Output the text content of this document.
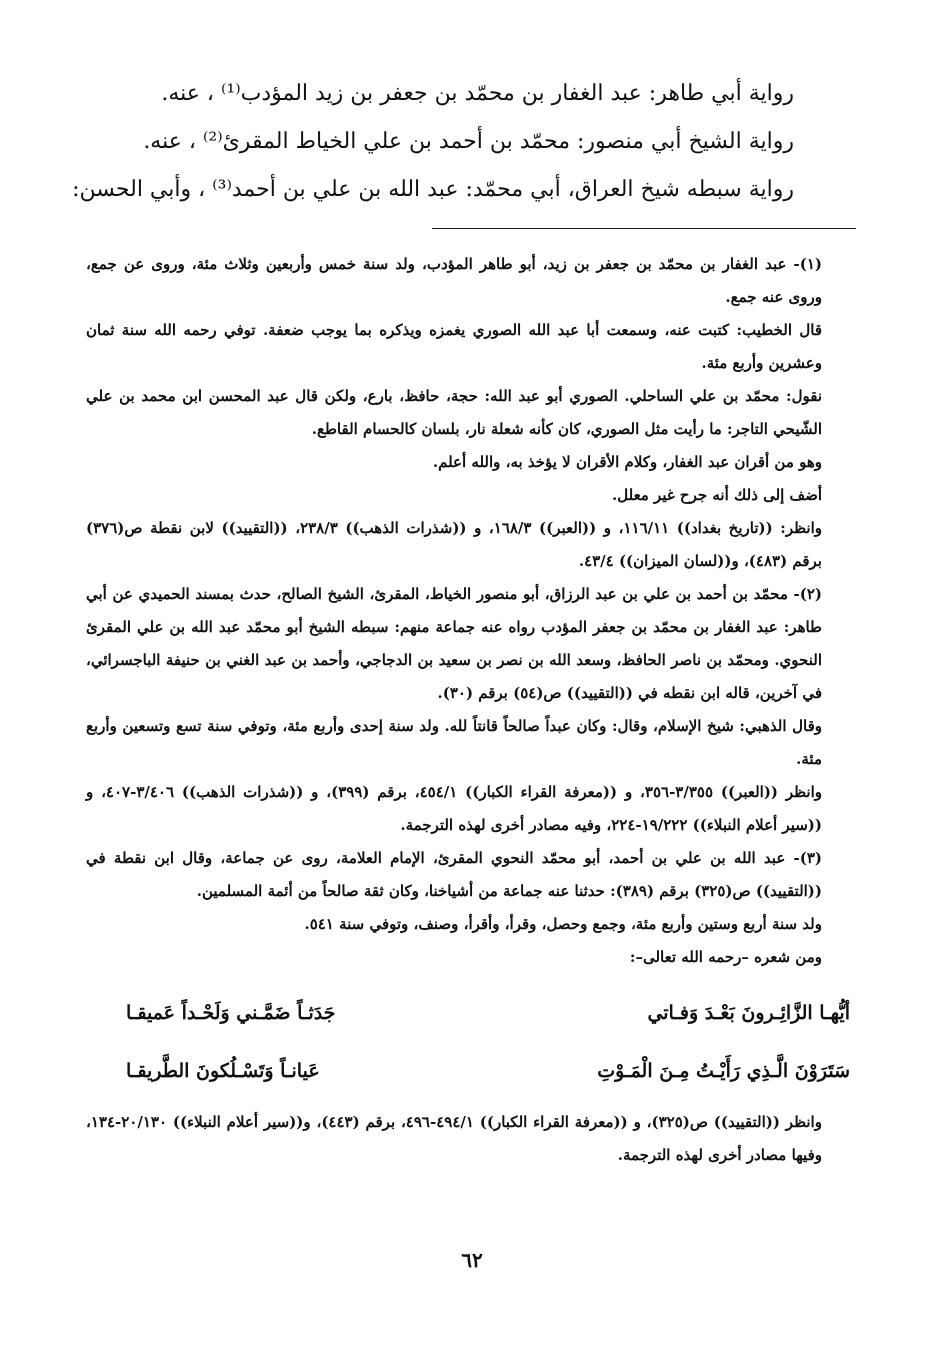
رواية أبي طاهر: عبد الغفار بن محمّد بن جعفر بن زيد المؤدب⁽¹⁾ ، عنه.
رواية الشيخ أبي منصور: محمّد بن أحمد بن علي الخياط المقرئ⁽²⁾ ، عنه.
رواية سبطه شيخ العراق، أبي محمّد: عبد الله بن علي بن أحمد⁽³⁾ ، وأبي الحسن:

(١)- عبد الغفار بن محمّد بن جعفر بن زيد، أبو طاهر المؤدب، ولد سنة خمس وأربعين وثلاث مئة، وروى عن جمع، وروى عنه جمع.

قال الخطيب: كتبت عنه، وسمعت أبا عبد الله الصوري يغمزه ويذكره بما يوجب ضعفة. توفي رحمه الله سنة ثمان وعشرين وأربع مئة.

نقول: محمّد بن علي الساحلي. الصوري أبو عبد الله: حجة، حافظ، بارع، ولكن قال عبد المحسن ابن محمد بن علي الشّيحي التاجر: ما رأيت مثل الصوري، كان كأنه شعلة نار، بلسان كالحسام القاطع.

وهو من أقران عبد الغفار، وكلام الأقران لا يؤخذ به، والله أعلم.

أضف إلى ذلك أنه جرح غير معلل.

وانظر: ((تاريخ بغداد)) ١١٦/١١، و ((العبر)) ١٦٨/٣، و ((شذرات الذهب)) ٢٣٨/٣، ((التقييد)) لابن نقطة ص(٣٧٦) برقم (٤٨٣)، و((لسان الميزان)) ٤٣/٤.

(٢)- محمّد بن أحمد بن علي بن عبد الرزاق، أبو منصور الخياط، المقرئ، الشيخ الصالح، حدث بمسند الحميدي عن أبي طاهر: عبد الغفار بن محمّد بن جعفر المؤدب رواه عنه جماعة منهم: سبطه الشيخ أبو محمّد عبد الله بن علي المقرئ النحوي. ومحمّد بن ناصر الحافظ، وسعد الله بن نصر بن سعيد بن الدجاجي، وأحمد بن عبد الغني بن حنيفة الباجسرائي، في آخرين، قاله ابن نقطه في ((التقييد)) ص(٥٤) برقم (٣٠).

وقال الذهبي: شيخ الإسلام، وقال: وكان عبداً صالحاً قانتاً لله. ولد سنة إحدى وأربع مئة، وتوفي سنة تسع وتسعين وأربع مئة.

وانظر ((العبر)) ٣/٣٥٥-٣٥٦، و ((معرفة القراء الكبار)) ٤٥٤/١، برقم (٣٩٩)، و ((شذرات الذهب)) ٣/٤٠٦-٤٠٧، و ((سير أعلام النبلاء)) ١٩/٢٢٢-٢٢٤، وفيه مصادر أخرى لهذه الترجمة.

(٣)- عبد الله بن علي بن أحمد، أبو محمّد النحوي المقرئ، الإمام العلامة، روى عن جماعة، وقال ابن نقطة في ((التقييد)) ص(٣٢٥) برقم (٣٨٩): حدثنا عنه جماعة من أشياخنا، وكان ثقة صالحاً من أئمة المسلمين.

ولد سنة أربع وستين وأربع مئة، وجمع وحصل، وقرأ، وأقرأ، وصنف، وتوفي سنة ٥٤١.

ومن شعره –رحمه الله تعالى–:

أيُّهـا الزَّائِـرونَ بَعْـدَ وَفـاتي
جَدَثـاً ضَمَّـني وَلَحْـداً عَميقـا
سَتَرَوْنَ الَّـذِي رَأَيْـتُ مِـنَ الْمَـوْتِ
عَيانـاً وَتَسْـلُكونَ الطَّريقـا

وانظر ((التقييد)) ص(٣٢٥)، و ((معرفة القراء الكبار)) ٤٩٤/١-٤٩٦، برقم (٤٤٣)، و((سير أعلام النبلاء)) ٢٠/١٣٠-١٣٤، وفيها مصادر أخرى لهذه الترجمة.

٦٢
